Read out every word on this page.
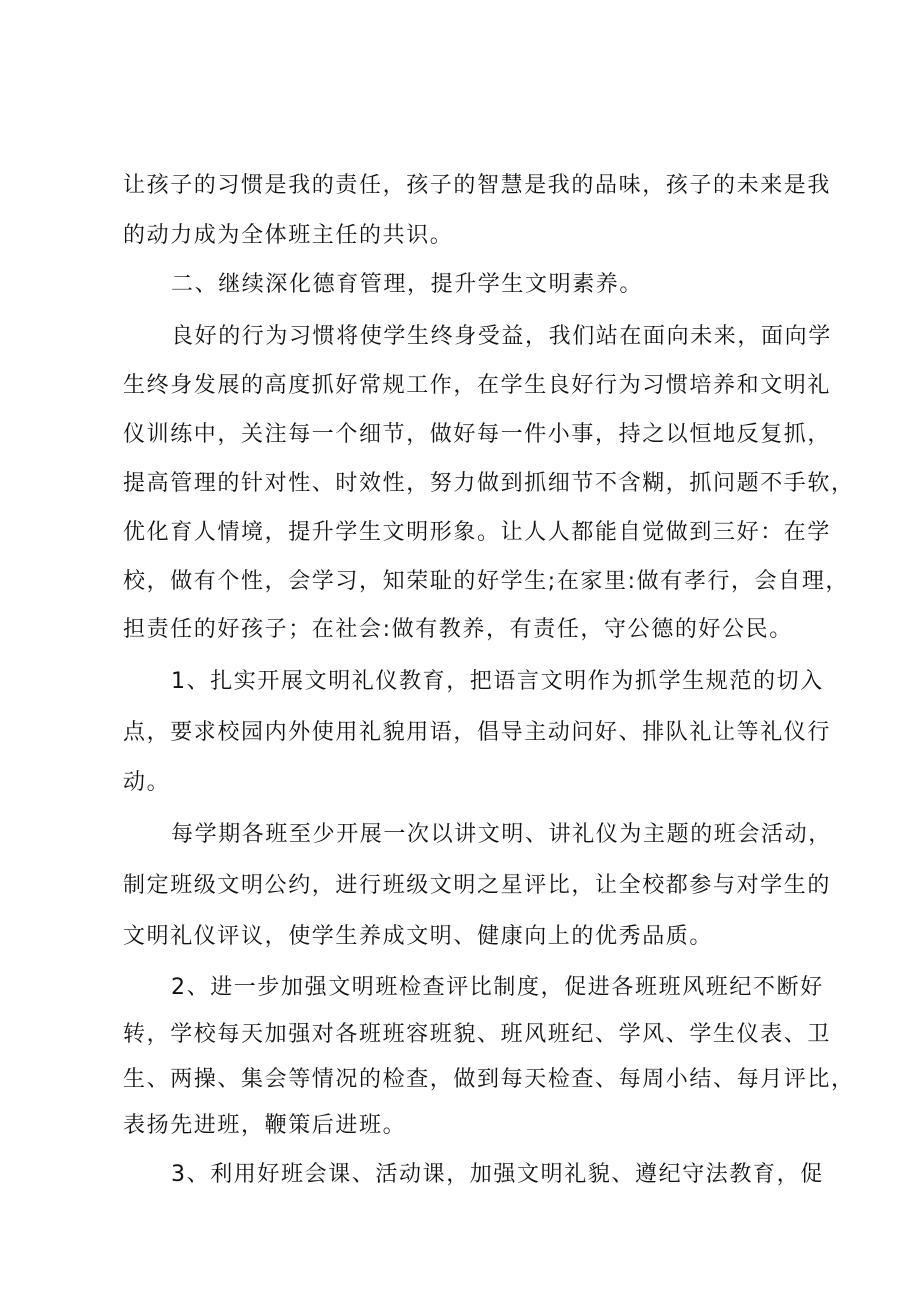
让孩子的习惯是我的责任，孩子的智慧是我的品味，孩子的未来是我
的动力成为全体班主任的共识。
二、继续深化德育管理，提升学生文明素养。
良好的行为习惯将使学生终身受益，我们站在面向未来，面向学
生终身发展的高度抓好常规工作，在学生良好行为习惯培养和文明礼
仪训练中，关注每一个细节，做好每一件小事，持之以恒地反复抓，
提高管理的针对性、时效性，努力做到抓细节不含糊，抓问题不手软，
优化育人情境，提升学生文明形象。让人人都能自觉做到三好：在学
校，做有个性，会学习，知荣耻的好学生;在家里:做有孝行，会自理，
担责任的好孩子；在社会:做有教养，有责任，守公德的好公民。
1、扎实开展文明礼仪教育，把语言文明作为抓学生规范的切入
点，要求校园内外使用礼貌用语，倡导主动问好、排队礼让等礼仪行
动。
每学期各班至少开展一次以讲文明、讲礼仪为主题的班会活动，
制定班级文明公约，进行班级文明之星评比，让全校都参与对学生的
文明礼仪评议，使学生养成文明、健康向上的优秀品质。
2、进一步加强文明班检查评比制度，促进各班班风班纪不断好
转，学校每天加强对各班班容班貌、班风班纪、学风、学生仪表、卫
生、两操、集会等情况的检查，做到每天检查、每周小结、每月评比，
表扬先进班，鞭策后进班。
3、利用好班会课、活动课，加强文明礼貌、遵纪守法教育，促
